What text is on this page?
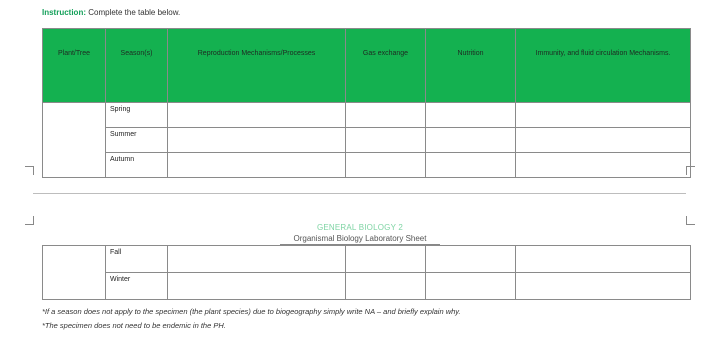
Instruction: Complete the table below.
Plant/Tree	Season(s)	Reproduction Mechanisms/Processes	Gas exchange	Nutrition	Immunity, and fluid circulation Mechanisms.
	Spring				
	Summer				
	Autumn				
GENERAL BIOLOGY 2
Organismal Biology Laboratory Sheet
	Fall				
	Winter				
*If a season does not apply to the specimen (the plant species) due to biogeography simply write NA – and briefly explain why.
*The specimen does not need to be endemic in the PH.
